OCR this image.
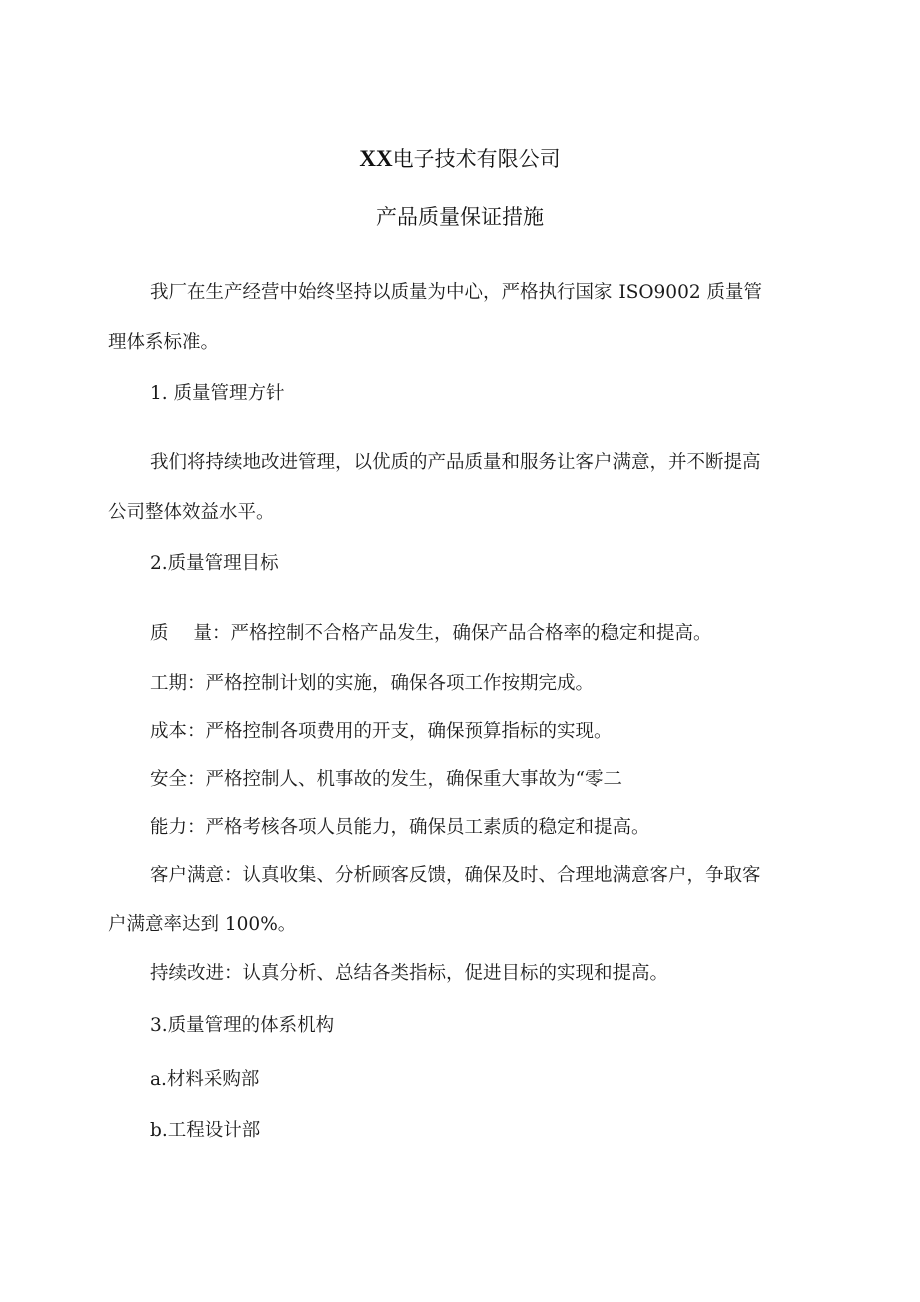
XX电子技术有限公司
产品质量保证措施
我厂在生产经营中始终坚持以质量为中心，严格执行国家 ISO9002 质量管
理体系标准。
1. 质量管理方针
我们将持续地改进管理，以优质的产品质量和服务让客户满意，并不断提高
公司整体效益水平。
2.质量管理目标
质 量 ：严格控制不合格产品发生，确保产品合格率的稳定和提高。
工期：严格控制计划的实施，确保各项工作按期完成。
成本：严格控制各项费用的开支，确保预算指标的实现。
安全：严格控制人、机事故的发生，确保重大事故为“零二
能力：严格考核各项人员能力，确保员工素质的稳定和提高。
客户满意：认真收集、分析顾客反馈，确保及时、合理地满意客户，争取客
户满意率达到 100%。
持续改进：认真分析、总结各类指标，促进目标的实现和提高。
3.质量管理的体系机构
a.材料采购部
b.工程设计部
